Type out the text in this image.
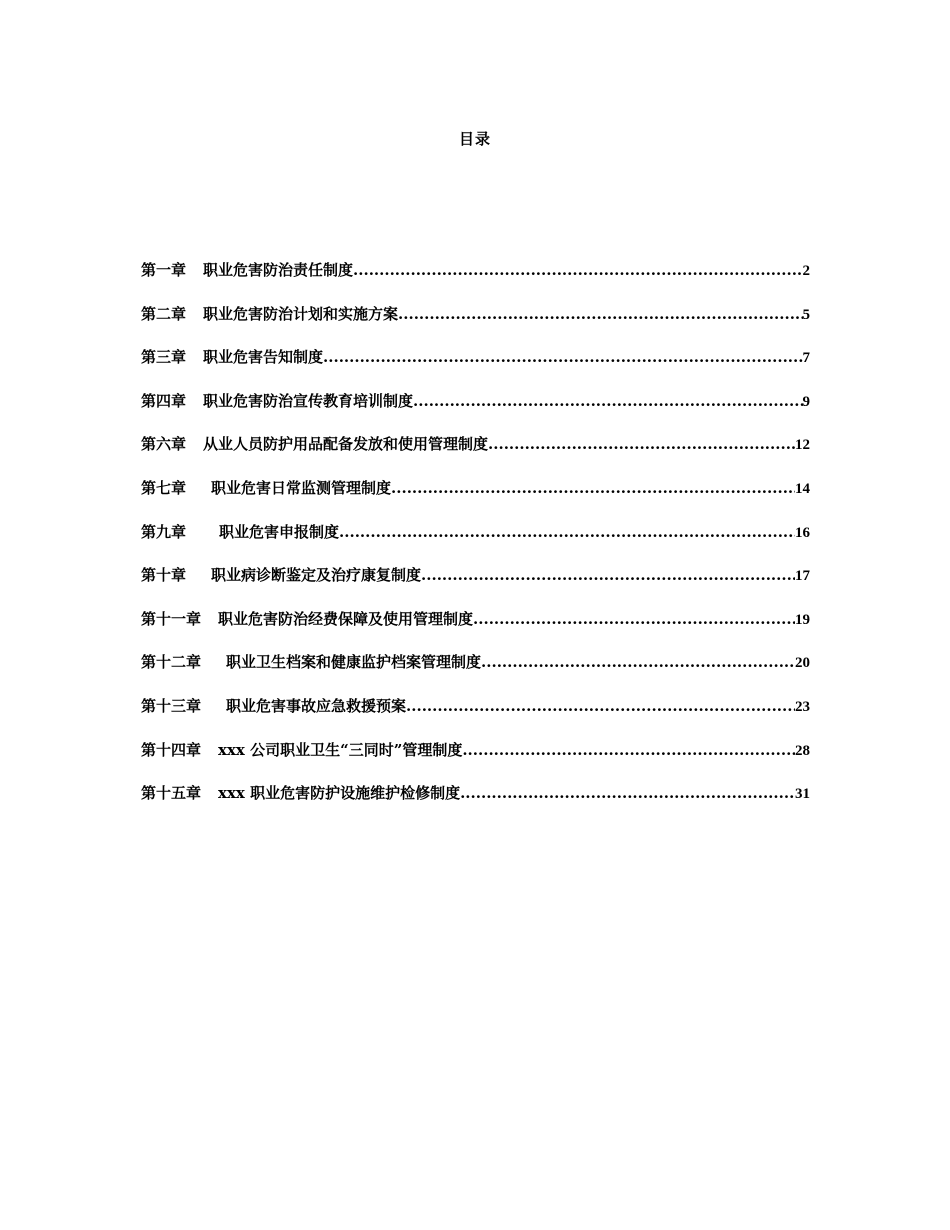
目录
第一章 职业危害防治责任制度 .....	2
第二章 职业危害防治计划和实施方案 .....	5
第三章 职业危害告知制度 .....	7
第四章 职业危害防治宣传教育培训制度 .....	9
第六章 从业人员防护用品配备发放和使用管理制度 .....	12
第七章 职业危害日常监测管理制度 .....	14
第九章 职业危害申报制度 .....	16
第十章 职业病诊断鉴定及治疗康复制度 .....	17
第十一章 职业危害防治经费保障及使用管理制度 .....	19
第十二章 职业卫生档案和健康监护档案管理制度 .....	20
第十三章 职业危害事故应急救援预案 .....	23
第十四章 xxx 公司职业卫生“三同时”管理制度 .....	28
第十五章 xxx 职业危害防护设施维护检修制度 .....	31
